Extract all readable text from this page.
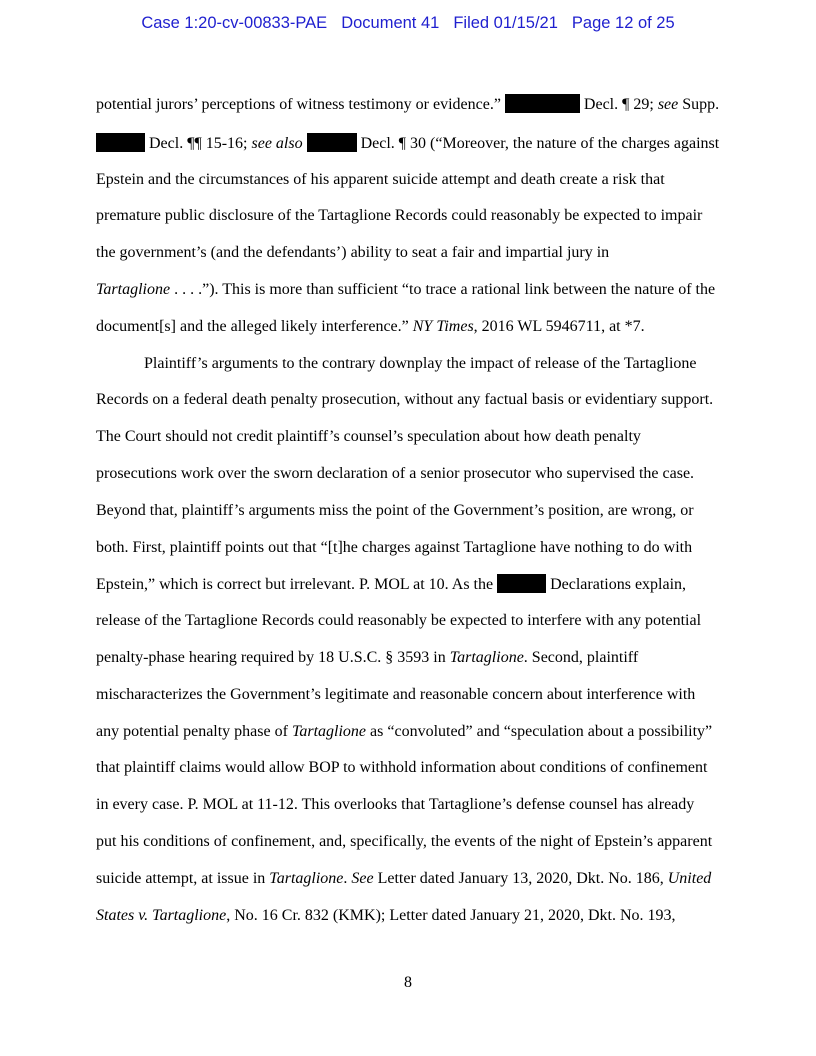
Case 1:20-cv-00833-PAE Document 41 Filed 01/15/21 Page 12 of 25
potential jurors’ perceptions of witness testimony or evidence.”	Decl. ¶ 29; see Supp.
Decl. ¶¶ 15-16; see also	Decl. ¶ 30 (“Moreover, the nature of the charges against
Epstein and the circumstances of his apparent suicide attempt and death create a risk that
premature public disclosure of the Tartaglione Records could reasonably be expected to impair
the government’s (and the defendants’) ability to seat a fair and impartial jury in
Tartaglione . . . .”). This is more than sufficient “to trace a rational link between the nature of the
document[s] and the alleged likely interference.” NY Times, 2016 WL 5946711, at *7.
Plaintiff’s arguments to the contrary downplay the impact of release of the Tartaglione
Records on a federal death penalty prosecution, without any factual basis or evidentiary support.
The Court should not credit plaintiff’s counsel’s speculation about how death penalty
prosecutions work over the sworn declaration of a senior prosecutor who supervised the case.
Beyond that, plaintiff’s arguments miss the point of the Government’s position, are wrong, or
both. First, plaintiff points out that “[t]he charges against Tartaglione have nothing to do with
Epstein,” which is correct but irrelevant. P. MOL at 10. As the	Declarations explain,
release of the Tartaglione Records could reasonably be expected to interfere with any potential
penalty-phase hearing required by 18 U.S.C. § 3593 in Tartaglione. Second, plaintiff
mischaracterizes the Government’s legitimate and reasonable concern about interference with
any potential penalty phase of Tartaglione as “convoluted” and “speculation about a possibility”
that plaintiff claims would allow BOP to withhold information about conditions of confinement
in every case. P. MOL at 11-12. This overlooks that Tartaglione’s defense counsel has already
put his conditions of confinement, and, specifically, the events of the night of Epstein’s apparent
suicide attempt, at issue in Tartaglione. See Letter dated January 13, 2020, Dkt. No. 186, United
States v. Tartaglione, No. 16 Cr. 832 (KMK); Letter dated January 21, 2020, Dkt. No. 193,
8
